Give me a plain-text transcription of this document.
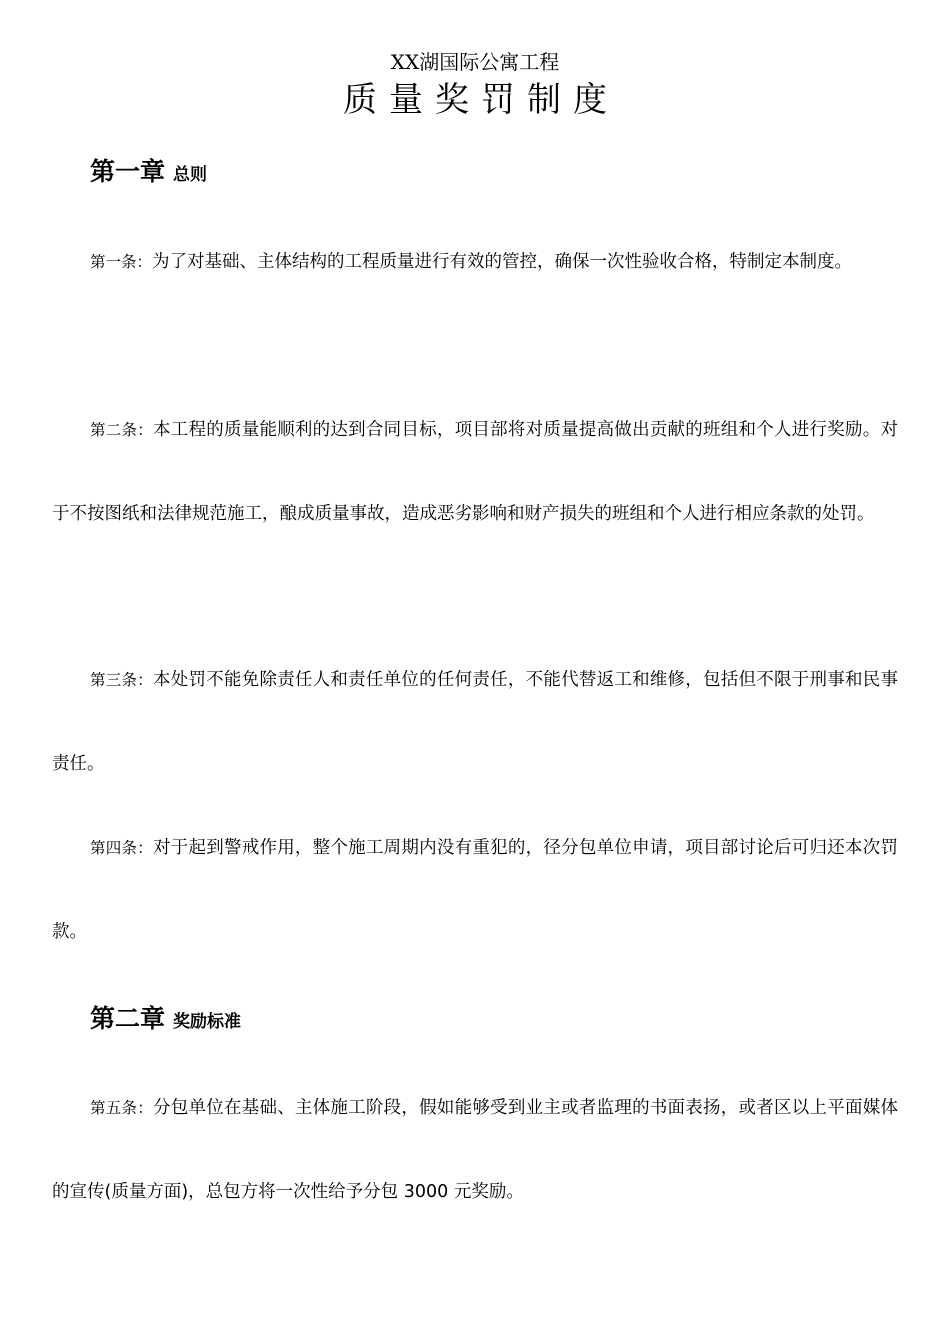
XX湖国际公寓工程
质量奖罚制度
第一章 总则

第一条：为了对基础、主体结构的工程质量进行有效的管控，确保一次性验收合格，特制定本制度。

第二条：本工程的质量能顺利的达到合同目标，项目部将对质量提高做出贡献的班组和个人进行奖励。对于不按图纸和法律规范施工，酿成质量事故，造成恶劣影响和财产损失的班组和个人进行相应条款的处罚。

第三条：本处罚不能免除责任人和责任单位的任何责任，不能代替返工和维修，包括但不限于刑事和民事责任。

第四条：对于起到警戒作用，整个施工周期内没有重犯的，径分包单位申请，项目部讨论后可归还本次罚款。

第二章 奖励标准

第五条：分包单位在基础、主体施工阶段，假如能够受到业主或者监理的书面表扬，或者区以上平面媒体的宣传(质量方面)，总包方将一次性给予分包 3000 元奖励。
